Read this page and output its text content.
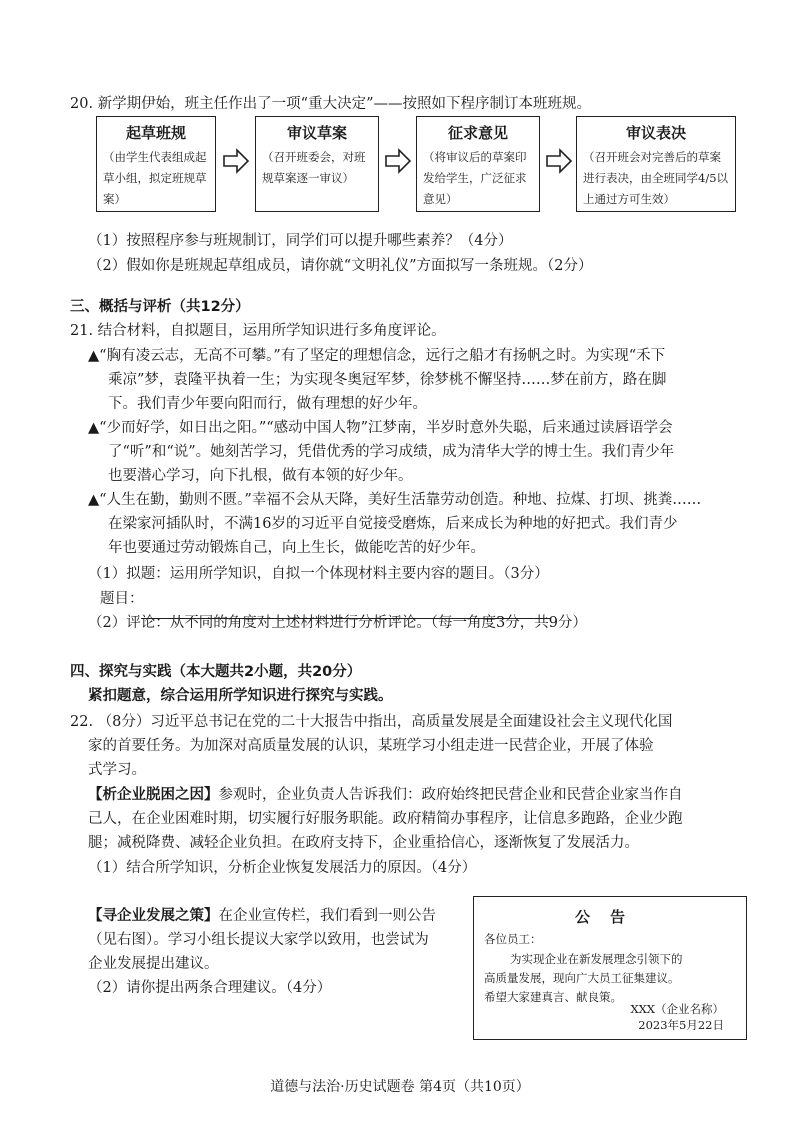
20. 新学期伊始，班主任作出了一项“重大决定”——按照如下程序制订本班班规。
起草班规
（由学生代表组成起草小组，拟定班规草案）
审议草案
（召开班委会，对班规草案逐一审议）
征求意见
（将审议后的草案印发给学生，广泛征求意见）
审议表决
（召开班会对完善后的草案进行表决，由全班同学4/5以上通过方可生效）
（1）按照程序参与班规制订，同学们可以提升哪些素养？（4分）
（2）假如你是班规起草组成员，请你就“文明礼仪”方面拟写一条班规。（2分）
三、概括与评析（共12分）
21. 结合材料，自拟题目，运用所学知识进行多角度评论。
▲“胸有凌云志，无高不可攀。”有了坚定的理想信念，远行之船才有扬帆之时。为实现“禾下
乘凉”梦，袁隆平执着一生；为实现冬奥冠军梦，徐梦桃不懈坚持……梦在前方，路在脚
下。我们青少年要向阳而行，做有理想的好少年。
▲“少而好学，如日出之阳。”“感动中国人物”江梦南，半岁时意外失聪，后来通过读唇语学会
了“听”和“说”。她刻苦学习，凭借优秀的学习成绩，成为清华大学的博士生。我们青少年
也要潜心学习，向下扎根，做有本领的好少年。
▲“人生在勤，勤则不匮。”幸福不会从天降，美好生活靠劳动创造。种地、拉煤、打坝、挑粪……
在梁家河插队时，不满16岁的习近平自觉接受磨炼，后来成长为种地的好把式。我们青少
年也要通过劳动锻炼自己，向上生长，做能吃苦的好少年。
（1）拟题：运用所学知识，自拟一个体现材料主要内容的题目。（3分）
题目：
（2）评论：从不同的角度对上述材料进行分析评论。（每一角度3分，共9分）
四、探究与实践（本大题共2小题，共20分）
紧扣题意，综合运用所学知识进行探究与实践。
22. （8分）习近平总书记在党的二十大报告中指出，高质量发展是全面建设社会主义现代化国
家的首要任务。为加深对高质量发展的认识，某班学习小组走进一民营企业，开展了体验
式学习。
【析企业脱困之因】参观时，企业负责人告诉我们：政府始终把民营企业和民营企业家当作自
己人，在企业困难时期，切实履行好服务职能。政府精简办事程序，让信息多跑路，企业少跑
腿；减税降费、减轻企业负担。在政府支持下，企业重拾信心，逐渐恢复了发展活力。
（1）结合所学知识，分析企业恢复发展活力的原因。（4分）
【寻企业发展之策】在企业宣传栏，我们看到一则公告
（见右图）。学习小组长提议大家学以致用，也尝试为
企业发展提出建议。
（2）请你提出两条合理建议。（4分）
公告
各位员工：
为实现企业在新发展理念引领下的
高质量发展，现向广大员工征集建议。
希望大家建真言、献良策。
XXX（企业名称）
2023年5月22日
道德与法治·历史试题卷 第4页（共10页）
